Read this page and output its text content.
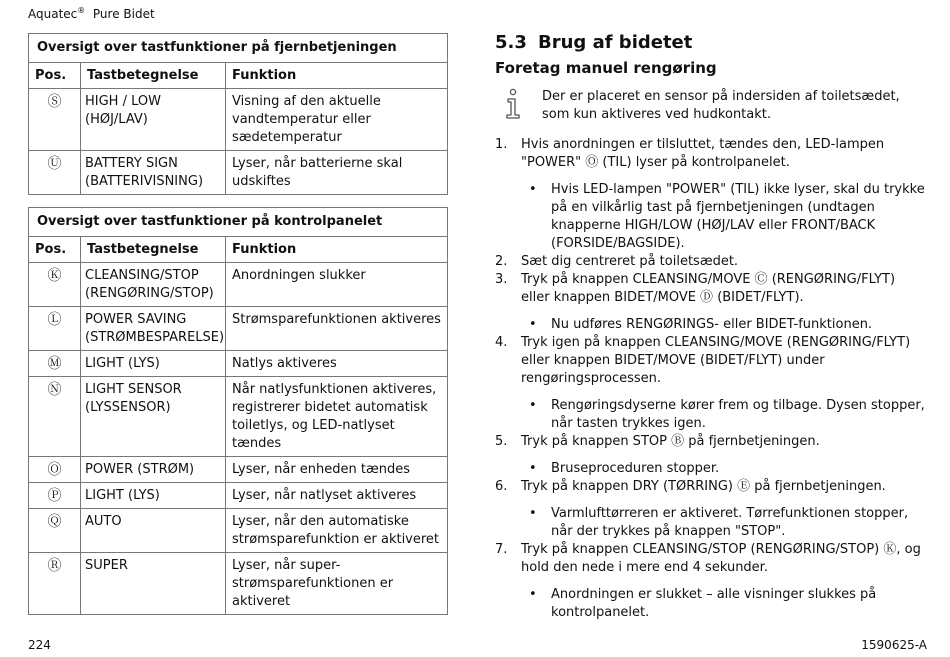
Aquatec® Pure Bidet
Oversigt over tastfunktioner på fjernbetjeningen		
Pos.	Tastbetegnelse	Funktion
Ⓢ	HIGH / LOW (HØJ/LAV)	Visning af den aktuelle vandtemperatur eller sædetemperatur
Ⓤ	BATTERY SIGN (BATTERIVISNING)	Lyser, når batterierne skal udskiftes
Oversigt over tastfunktioner på kontrolpanelet		
Pos.	Tastbetegnelse	Funktion
Ⓚ	CLEANSING/STOP (RENGØRING/STOP)	Anordningen slukker
Ⓛ	POWER SAVING (STRØMBESPARELSE)	Strømsparefunktionen aktiveres
Ⓜ	LIGHT (LYS)	Natlys aktiveres
Ⓝ	LIGHT SENSOR (LYSSENSOR)	Når natlysfunktionen aktiveres, registrerer bidetet automatisk toiletlys, og LED-natlyset tændes
Ⓞ	POWER (STRØM)	Lyser, når enheden tændes
Ⓟ	LIGHT (LYS)	Lyser, når natlyset aktiveres
Ⓠ	AUTO	Lyser, når den automatiske strømsparefunktion er aktiveret
Ⓡ	SUPER	Lyser, når super-strømsparefunktionen er aktiveret
5.3 Brug af bidetet
Foretag manuel rengøring
Der er placeret en sensor på indersiden af toiletsædet, som kun aktiveres ved hudkontakt.
1. Hvis anordningen er tilsluttet, tændes den, LED-lampen "POWER" Ⓞ (TIL) lyser på kontrolpanelet.
• Hvis LED-lampen "POWER" (TIL) ikke lyser, skal du trykke på en vilkårlig tast på fjernbetjeningen (undtagen knapperne HIGH/LOW (HØJ/LAV eller FRONT/BACK (FORSIDE/BAGSIDE).
2. Sæt dig centreret på toiletsædet.
3. Tryk på knappen CLEANSING/MOVE Ⓒ (RENGØRING/FLYT) eller knappen BIDET/MOVE Ⓓ (BIDET/FLYT).
• Nu udføres RENGØRINGS- eller BIDET-funktionen.
4. Tryk igen på knappen CLEANSING/MOVE (RENGØRING/FLYT) eller knappen BIDET/MOVE (BIDET/FLYT) under rengøringsprocessen.
• Rengøringsdyserne kører frem og tilbage. Dysen stopper, når tasten trykkes igen.
5. Tryk på knappen STOP Ⓑ på fjernbetjeningen.
• Bruseproceduren stopper.
6. Tryk på knappen DRY (TØRRING) Ⓔ på fjernbetjeningen.
• Varmlufttørreren er aktiveret. Tørrefunktionen stopper, når der trykkes på knappen "STOP".
7. Tryk på knappen CLEANSING/STOP (RENGØRING/STOP) Ⓚ, og hold den nede i mere end 4 sekunder.
• Anordningen er slukket – alle visninger slukkes på kontrolpanelet.
224	1590625-A
